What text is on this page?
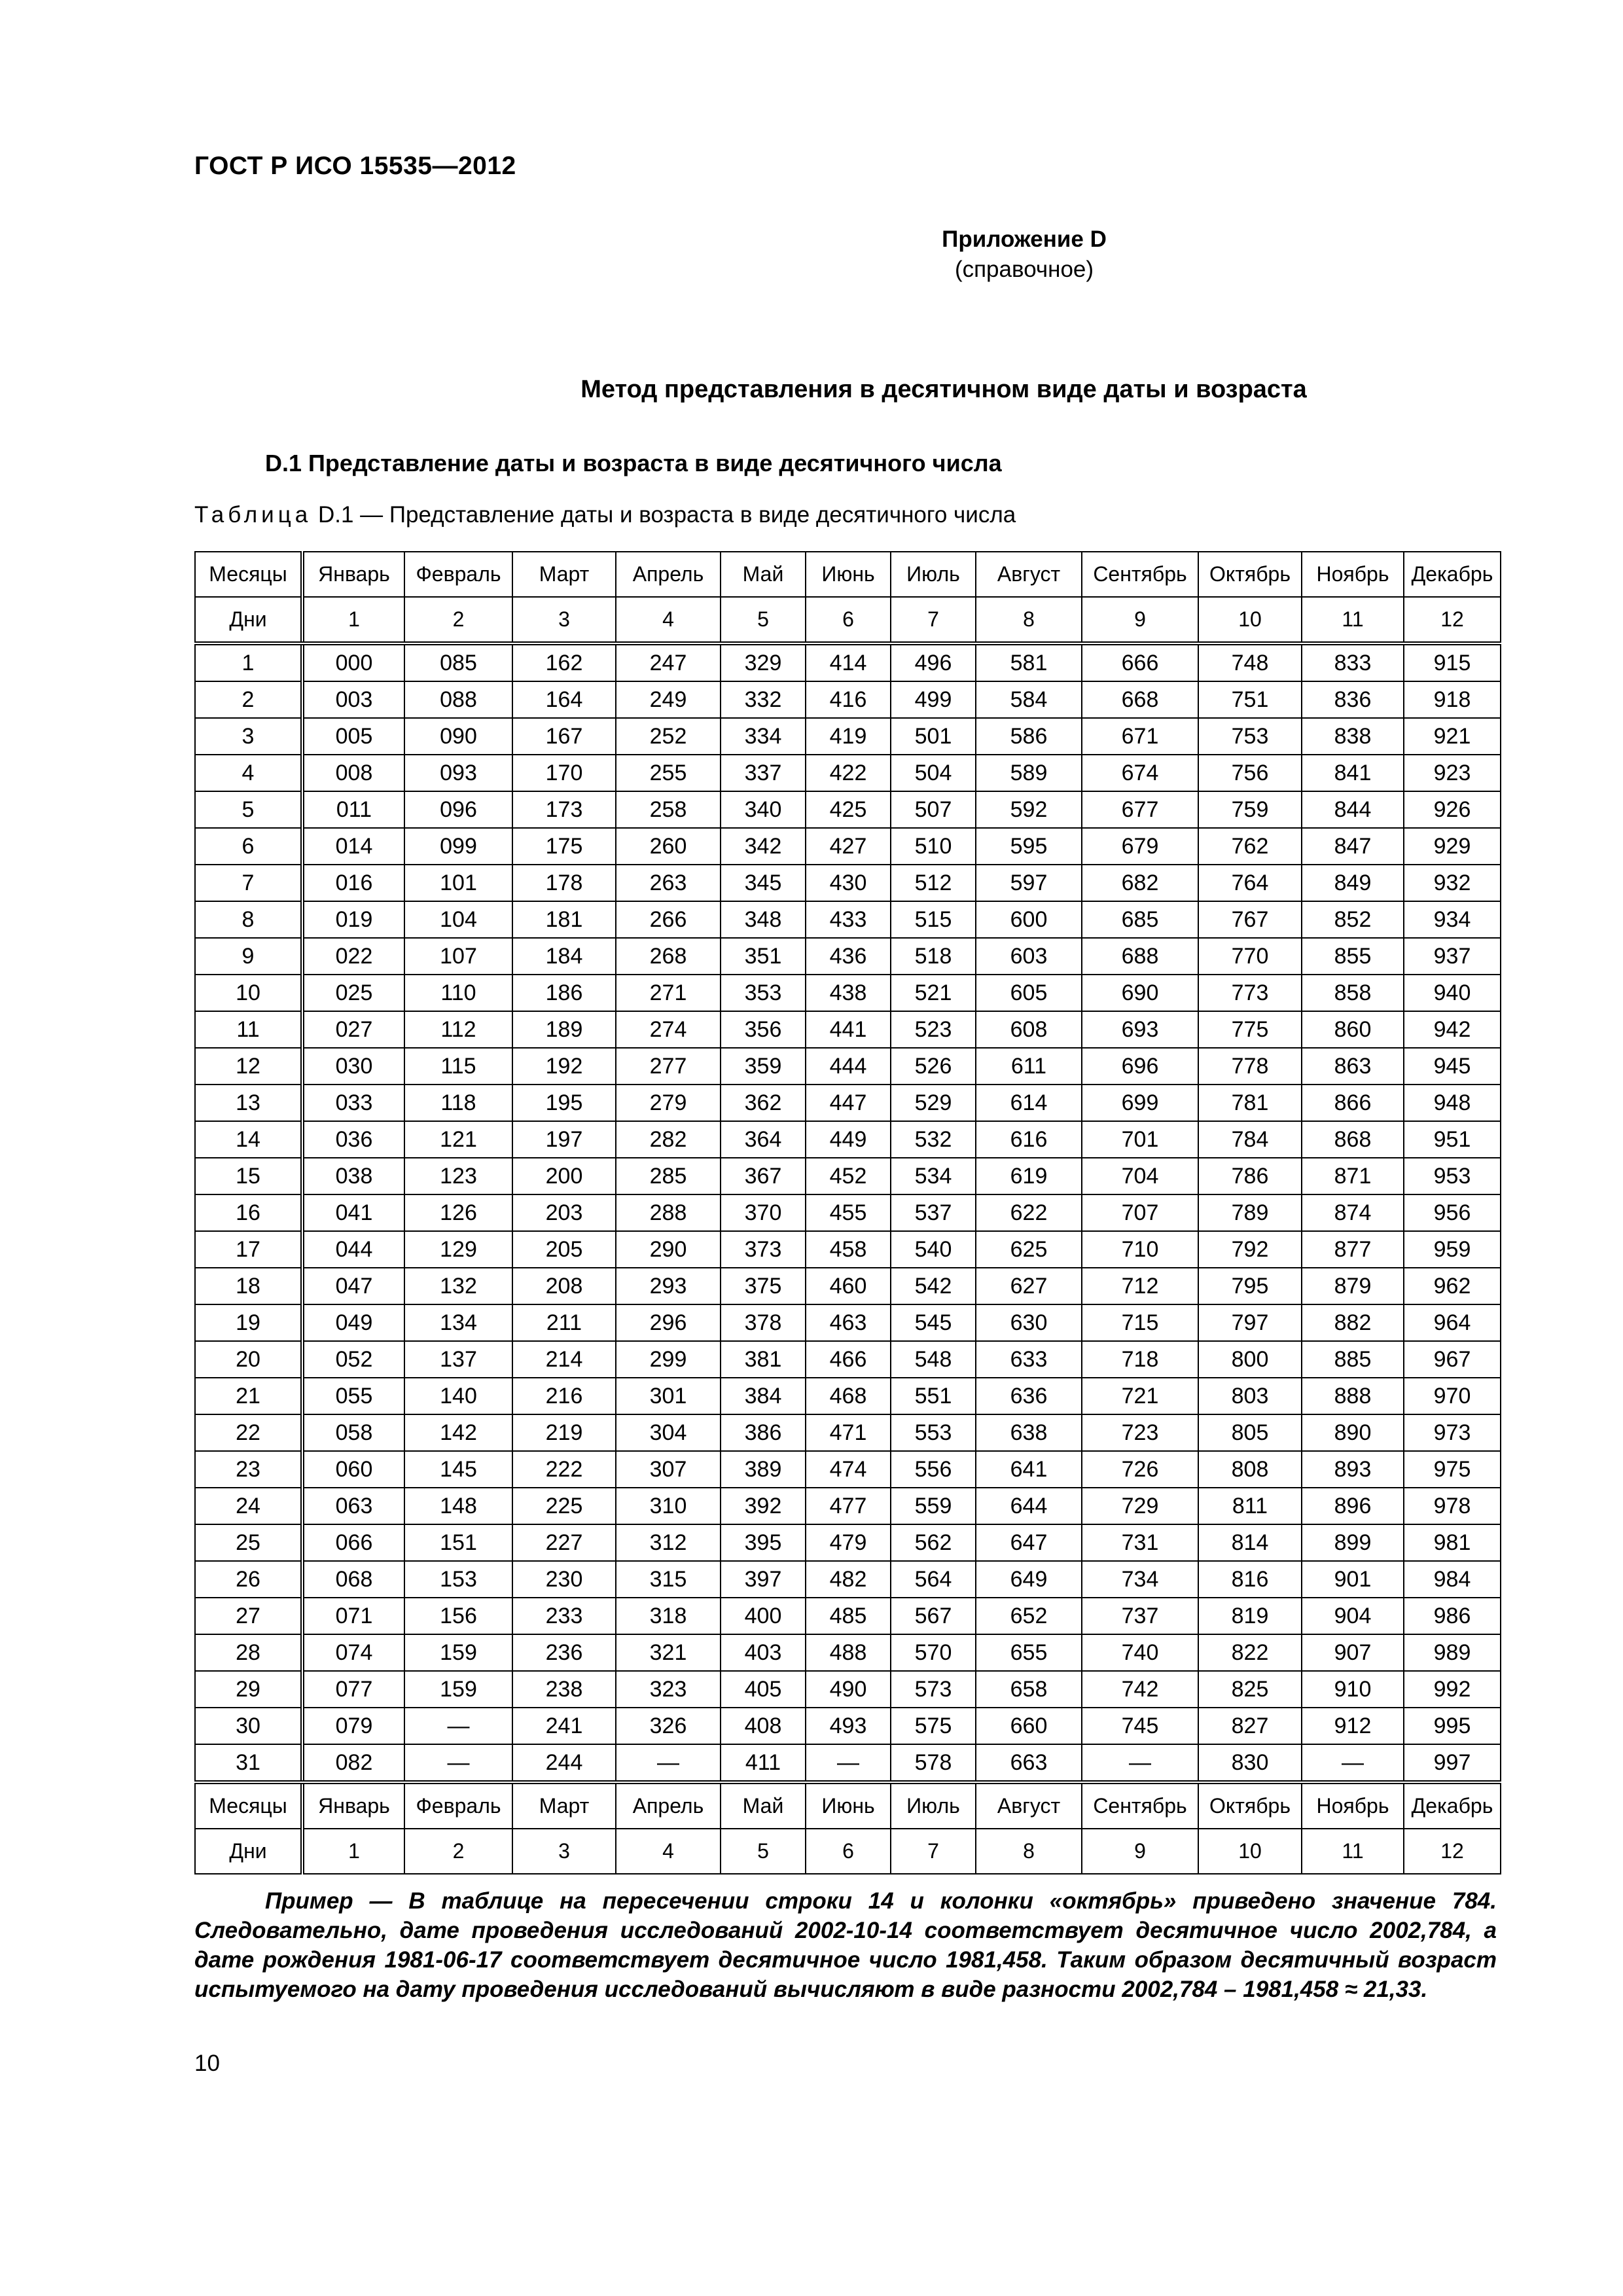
ГОСТ Р ИСО 15535—2012
Приложение D
(справочное)
Метод представления в десятичном виде даты и возраста
D.1 Представление даты и возраста в виде десятичного числа
Таблица D.1 — Представление даты и возраста в виде десятичного числа
Месяцы	Январь	Февраль	Март	Апрель	Май	Июнь	Июль	Август	Сентябрь	Октябрь	Ноябрь	Декабрь
Дни	1	2	3	4	5	6	7	8	9	10	11	12
1	000	085	162	247	329	414	496	581	666	748	833	915
2	003	088	164	249	332	416	499	584	668	751	836	918
3	005	090	167	252	334	419	501	586	671	753	838	921
4	008	093	170	255	337	422	504	589	674	756	841	923
5	011	096	173	258	340	425	507	592	677	759	844	926
6	014	099	175	260	342	427	510	595	679	762	847	929
7	016	101	178	263	345	430	512	597	682	764	849	932
8	019	104	181	266	348	433	515	600	685	767	852	934
9	022	107	184	268	351	436	518	603	688	770	855	937
10	025	110	186	271	353	438	521	605	690	773	858	940
11	027	112	189	274	356	441	523	608	693	775	860	942
12	030	115	192	277	359	444	526	611	696	778	863	945
13	033	118	195	279	362	447	529	614	699	781	866	948
14	036	121	197	282	364	449	532	616	701	784	868	951
15	038	123	200	285	367	452	534	619	704	786	871	953
16	041	126	203	288	370	455	537	622	707	789	874	956
17	044	129	205	290	373	458	540	625	710	792	877	959
18	047	132	208	293	375	460	542	627	712	795	879	962
19	049	134	211	296	378	463	545	630	715	797	882	964
20	052	137	214	299	381	466	548	633	718	800	885	967
21	055	140	216	301	384	468	551	636	721	803	888	970
22	058	142	219	304	386	471	553	638	723	805	890	973
23	060	145	222	307	389	474	556	641	726	808	893	975
24	063	148	225	310	392	477	559	644	729	811	896	978
25	066	151	227	312	395	479	562	647	731	814	899	981
26	068	153	230	315	397	482	564	649	734	816	901	984
27	071	156	233	318	400	485	567	652	737	819	904	986
28	074	159	236	321	403	488	570	655	740	822	907	989
29	077	159	238	323	405	490	573	658	742	825	910	992
30	079	—	241	326	408	493	575	660	745	827	912	995
31	082	—	244	—	411	—	578	663	—	830	—	997
Месяцы	Январь	Февраль	Март	Апрель	Май	Июнь	Июль	Август	Сентябрь	Октябрь	Ноябрь	Декабрь
Дни	1	2	3	4	5	6	7	8	9	10	11	12

Пример — В таблице на пересечении строки 14 и колонки «октябрь» приведено значение 784. Следовательно, дате проведения исследований 2002-10-14 соответствует десятичное число 2002,784, а дате рождения 1981-06-17 соответствует десятичное число 1981,458. Таким образом десятичный возраст испытуемого на дату проведения исследований вычисляют в виде разности 2002,784 – 1981,458 ≈ 21,33.

10
